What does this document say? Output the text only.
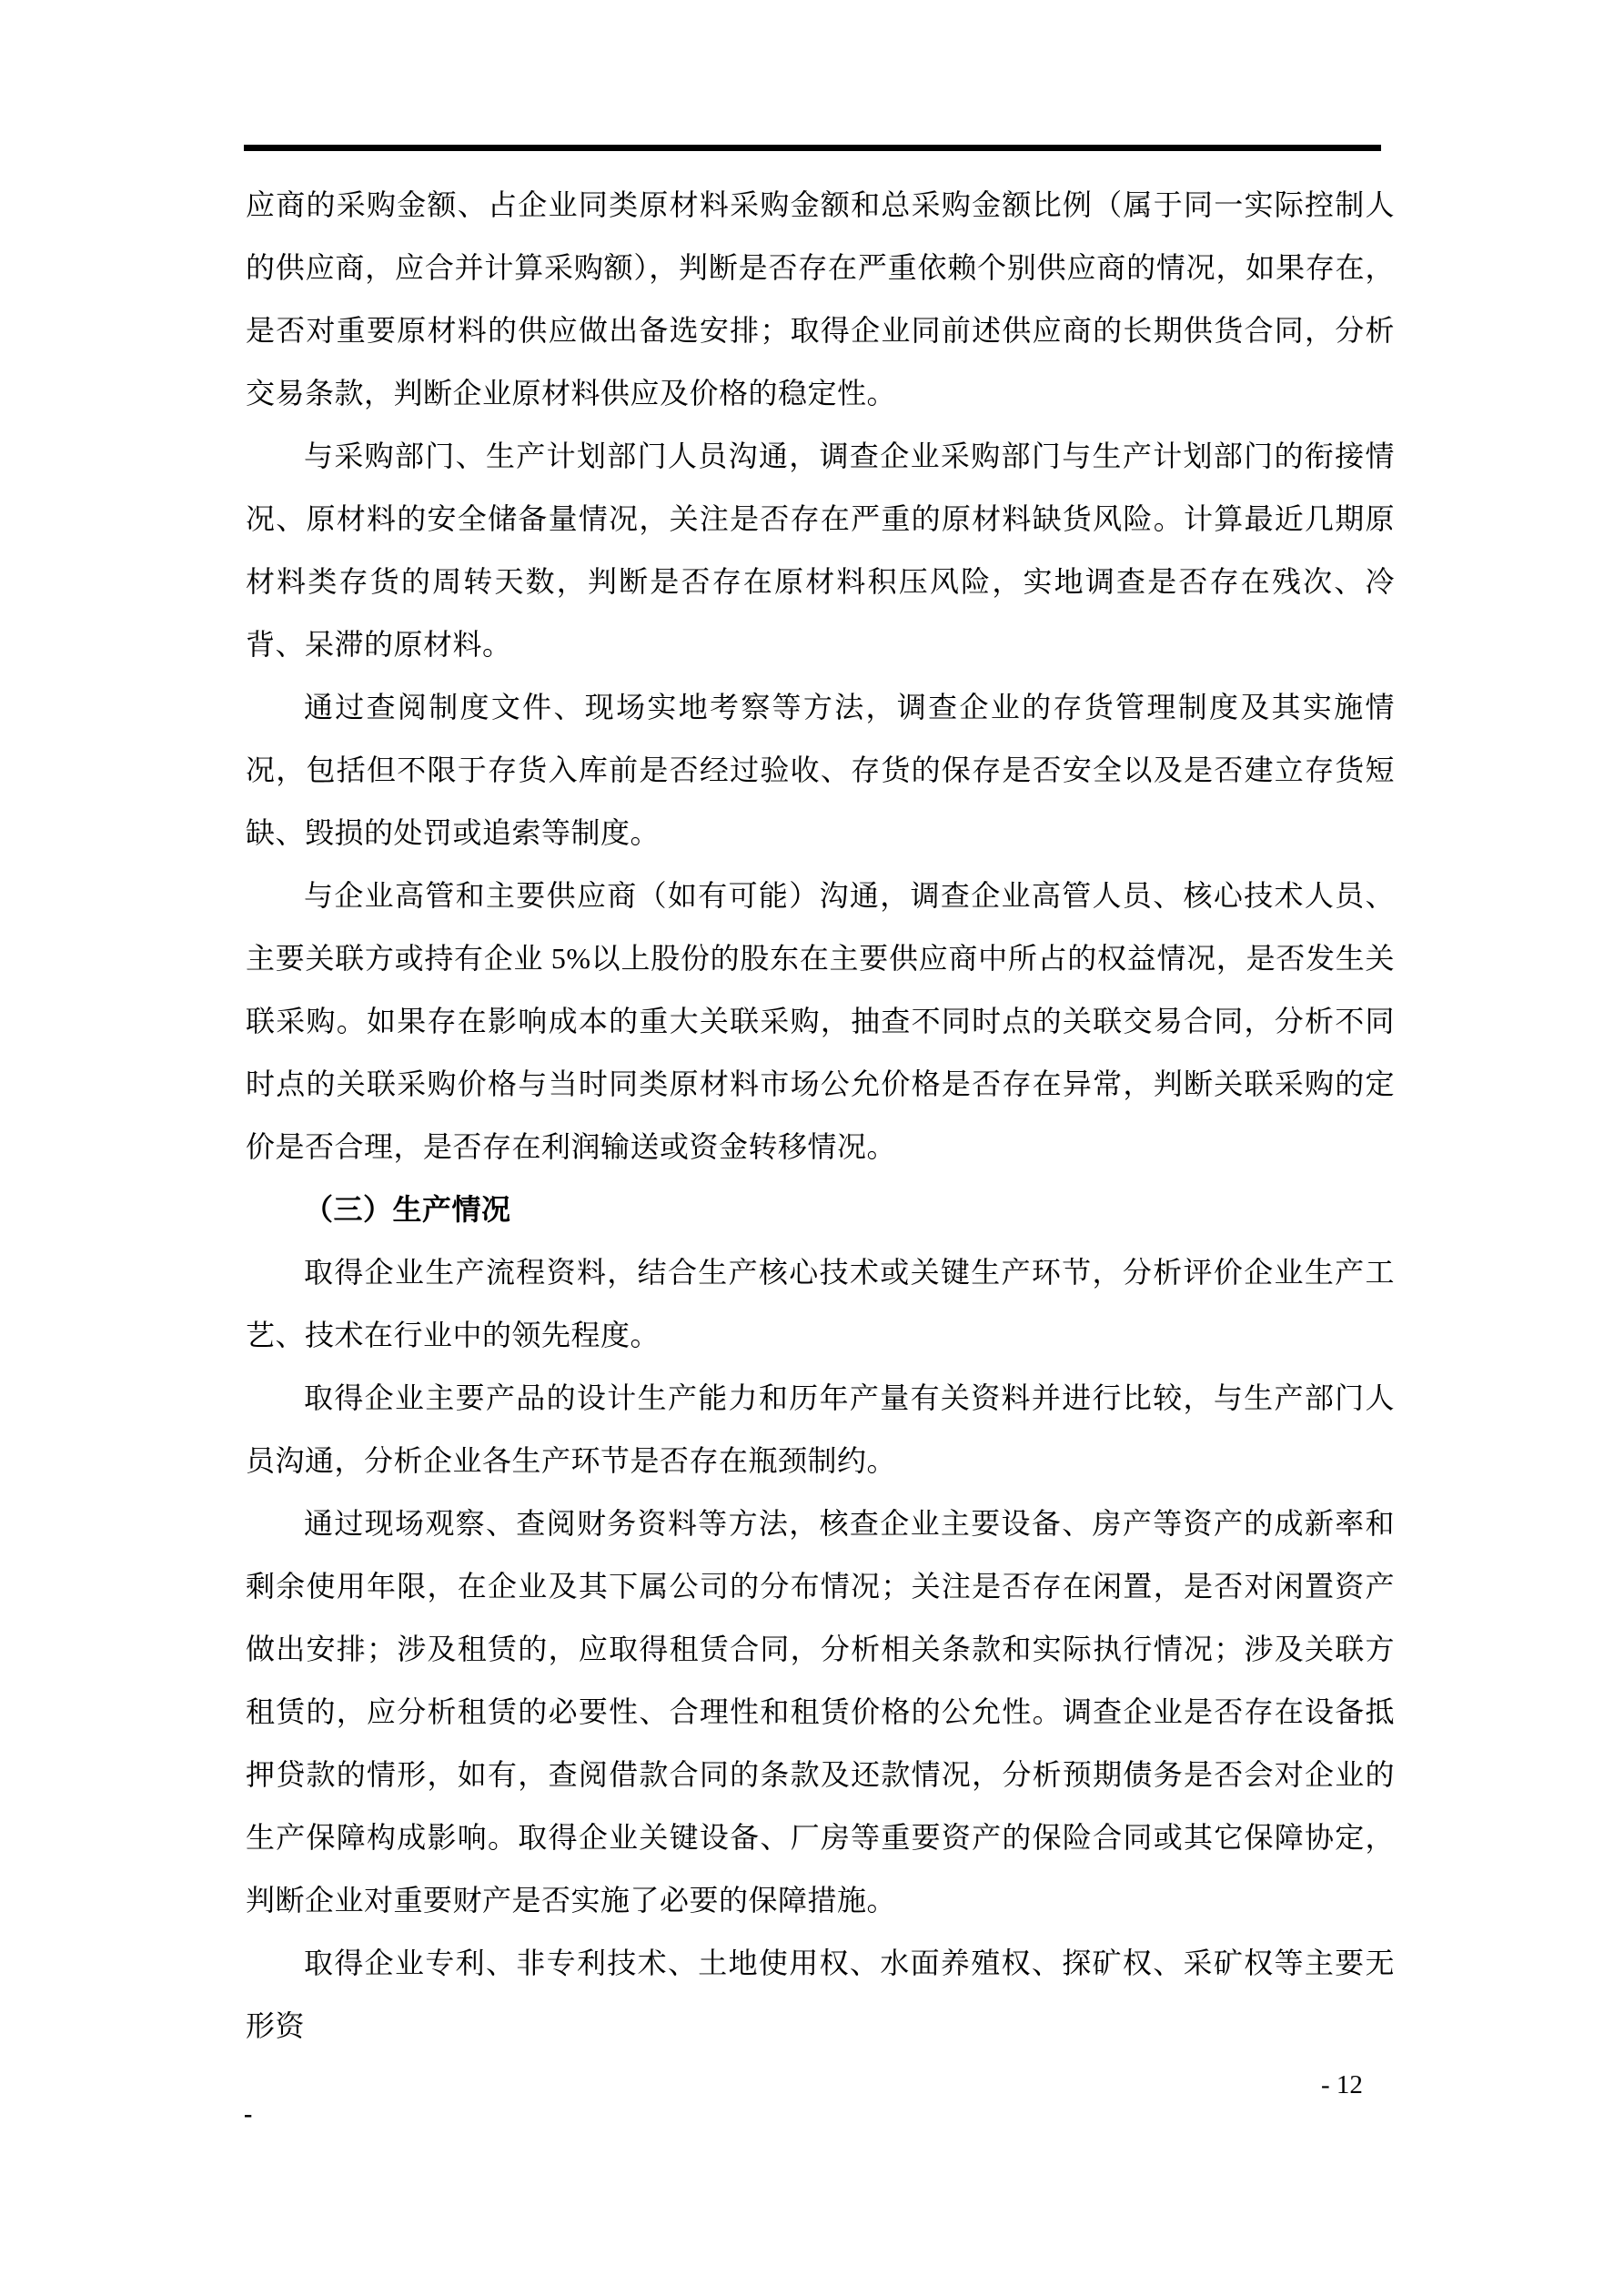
应商的采购金额、占企业同类原材料采购金额和总采购金额比例（属于同一实际控制人的供应商，应合并计算采购额），判断是否存在严重依赖个别供应商的情况，如果存在，是否对重要原材料的供应做出备选安排；取得企业同前述供应商的长期供货合同，分析交易条款，判断企业原材料供应及价格的稳定性。

与采购部门、生产计划部门人员沟通，调查企业采购部门与生产计划部门的衔接情况、原材料的安全储备量情况，关注是否存在严重的原材料缺货风险。计算最近几期原材料类存货的周转天数，判断是否存在原材料积压风险，实地调查是否存在残次、冷背、呆滞的原材料。

通过查阅制度文件、现场实地考察等方法，调查企业的存货管理制度及其实施情况，包括但不限于存货入库前是否经过验收、存货的保存是否安全以及是否建立存货短缺、毁损的处罚或追索等制度。

与企业高管和主要供应商（如有可能）沟通，调查企业高管人员、核心技术人员、主要关联方或持有企业 5%以上股份的股东在主要供应商中所占的权益情况，是否发生关联采购。如果存在影响成本的重大关联采购，抽查不同时点的关联交易合同，分析不同时点的关联采购价格与当时同类原材料市场公允价格是否存在异常，判断关联采购的定价是否合理，是否存在利润输送或资金转移情况。

（三）生产情况

取得企业生产流程资料，结合生产核心技术或关键生产环节，分析评价企业生产工艺、技术在行业中的领先程度。

取得企业主要产品的设计生产能力和历年产量有关资料并进行比较，与生产部门人员沟通，分析企业各生产环节是否存在瓶颈制约。

通过现场观察、查阅财务资料等方法，核查企业主要设备、房产等资产的成新率和剩余使用年限，在企业及其下属公司的分布情况；关注是否存在闲置，是否对闲置资产做出安排；涉及租赁的，应取得租赁合同，分析相关条款和实际执行情况；涉及关联方租赁的，应分析租赁的必要性、合理性和租赁价格的公允性。调查企业是否存在设备抵押贷款的情形，如有，查阅借款合同的条款及还款情况，分析预期债务是否会对企业的生产保障构成影响。取得企业关键设备、厂房等重要资产的保险合同或其它保障协定，判断企业对重要财产是否实施了必要的保障措施。

取得企业专利、非专利技术、土地使用权、水面养殖权、探矿权、采矿权等主要无形资

- 12
-
